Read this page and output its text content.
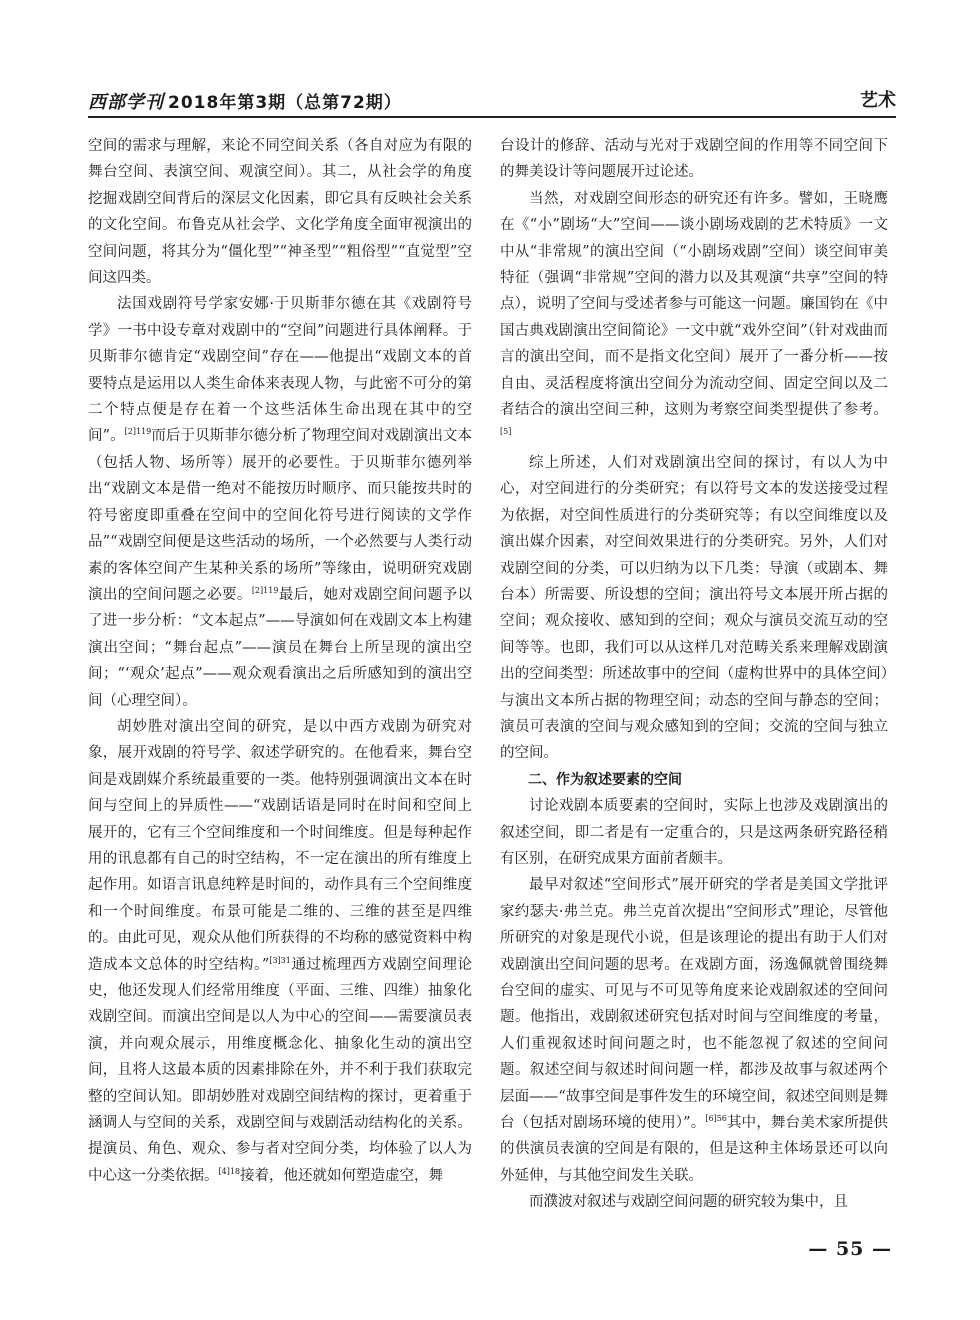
西部学刊 2018年第3期（总第72期）	艺术

空间的需求与理解，来论不同空间关系（各自对应为有限的舞台空间、表演空间、观演空间）。其二，从社会学的角度挖掘戏剧空间背后的深层文化因素，即它具有反映社会关系的文化空间。布鲁克从社会学、文化学角度全面审视演出的空间问题，将其分为“僵化型”“神圣型”“粗俗型”“直觉型”空间这四类。

法国戏剧符号学家安娜·于贝斯菲尔德在其《戏剧符号学》一书中设专章对戏剧中的“空间”问题进行具体阐释。于贝斯菲尔德肯定“戏剧空间”存在——他提出“戏剧文本的首要特点是运用以人类生命体来表现人物，与此密不可分的第二个特点便是存在着一个这些活体生命出现在其中的空间”。$^{[2]119}$而后于贝斯菲尔德分析了物理空间对戏剧演出文本（包括人物、场所等）展开的必要性。于贝斯菲尔德列举出“戏剧文本是借一绝对不能按历时顺序、而只能按共时的符号密度即重叠在空间中的空间化符号进行阅读的文学作品”“戏剧空间便是这些活动的场所，一个必然要与人类行动素的客体空间产生某种关系的场所”等缘由，说明研究戏剧演出的空间问题之必要。$^{[2]119}$最后，她对戏剧空间问题予以了进一步分析：“文本起点”——导演如何在戏剧文本上构建演出空间；“舞台起点”——演员在舞台上所呈现的演出空间；“‘观众’起点”——观众观看演出之后所感知到的演出空间（心理空间）。

胡妙胜对演出空间的研究，是以中西方戏剧为研究对象，展开戏剧的符号学、叙述学研究的。在他看来，舞台空间是戏剧媒介系统最重要的一类。他特别强调演出文本在时间与空间上的异质性——“戏剧话语是同时在时间和空间上展开的，它有三个空间维度和一个时间维度。但是每种起作用的讯息都有自己的时空结构，不一定在演出的所有维度上起作用。如语言讯息纯粹是时间的，动作具有三个空间维度和一个时间维度。布景可能是二维的、三维的甚至是四维的。由此可见，观众从他们所获得的不均称的感觉资料中构造成本文总体的时空结构。”$^{[3]31}$通过梳理西方戏剧空间理论史，他还发现人们经常用维度（平面、三维、四维）抽象化戏剧空间。而演出空间是以人为中心的空间——需要演员表演，并向观众展示，用维度概念化、抽象化生动的演出空间，且将人这最本质的因素排除在外，并不利于我们获取完整的空间认知。即胡妙胜对戏剧空间结构的探讨，更着重于涵调人与空间的关系，戏剧空间与戏剧活动结构化的关系。提演员、角色、观众、参与者对空间分类，均体验了以人为中心这一分类依据。$^{[4]18}$接着，他还就如何塑造虚空，舞

台设计的修辞、活动与光对于戏剧空间的作用等不同空间下的舞美设计等问题展开过论述。

当然，对戏剧空间形态的研究还有许多。譬如，王晓鹰在《“小”剧场“大”空间——谈小剧场戏剧的艺术特质》一文中从“非常规”的演出空间（“小剧场戏剧”空间）谈空间审美特征（强调“非常规”空间的潜力以及其观演“共享”空间的特点），说明了空间与受述者参与可能这一问题。廉国钧在《中国古典戏剧演出空间简论》一文中就“戏外空间”（针对戏曲而言的演出空间，而不是指文化空间）展开了一番分析——按自由、灵活程度将演出空间分为流动空间、固定空间以及二者结合的演出空间三种，这则为考察空间类型提供了参考。[5]

综上所述，人们对戏剧演出空间的探讨，有以人为中心，对空间进行的分类研究；有以符号文本的发送接受过程为依据，对空间性质进行的分类研究等；有以空间维度以及演出媒介因素，对空间效果进行的分类研究。另外，人们对戏剧空间的分类，可以归纳为以下几类：导演（或剧本、舞台本）所需要、所设想的空间；演出符号文本展开所占据的空间；观众接收、感知到的空间；观众与演员交流互动的空间等等。也即，我们可以从这样几对范畴关系来理解戏剧演出的空间类型：所述故事中的空间（虚构世界中的具体空间）与演出文本所占据的物理空间；动态的空间与静态的空间；演员可表演的空间与观众感知到的空间；交流的空间与独立的空间。

二、作为叙述要素的空间

讨论戏剧本质要素的空间时，实际上也涉及戏剧演出的叙述空间，即二者是有一定重合的，只是这两条研究路径稍有区别，在研究成果方面前者颇丰。

最早对叙述“空间形式”展开研究的学者是美国文学批评家约瑟夫·弗兰克。弗兰克首次提出“空间形式”理论，尽管他所研究的对象是现代小说，但是该理论的提出有助于人们对戏剧演出空间问题的思考。在戏剧方面，汤逸佩就曾围绕舞台空间的虚实、可见与不可见等角度来论戏剧叙述的空间问题。他指出，戏剧叙述研究包括对时间与空间维度的考量，人们重视叙述时间问题之时，也不能忽视了叙述的空间问题。叙述空间与叙述时间问题一样，都涉及故事与叙述两个层面——“故事空间是事件发生的环境空间，叙述空间则是舞台（包括对剧场环境的使用）”。$^{[6]56}$其中，舞台美术家所提供的供演员表演的空间是有限的，但是这种主体场景还可以向外延伸，与其他空间发生关联。

而濮波对叙述与戏剧空间问题的研究较为集中，且

— 55 —
